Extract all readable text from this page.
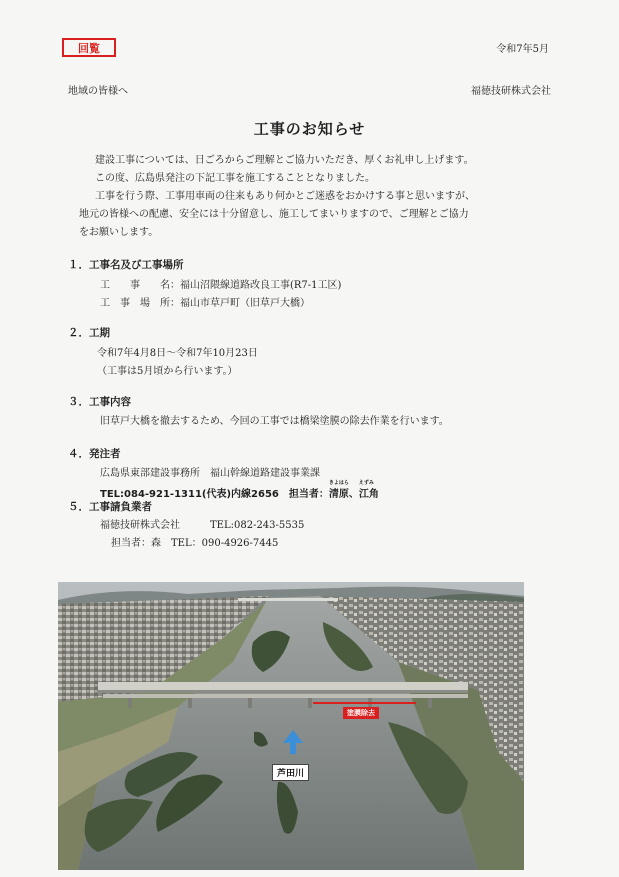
回覧	令和7年5月
地域の皆様へ	福徳技研株式会社
工事のお知らせ

建設工事については、日ごろからご理解とご協力いただき、厚くお礼申し上げます。

この度、広島県発注の下記工事を施工することとなりました。

工事を行う際、工事用車両の往来もあり何かとご迷惑をおかけする事と思いますが、

地元の皆様への配慮、安全には十分留意し、施工してまいりますので、ご理解とご協力

をお願いします。

１．工事名及び工事場所
工　　事　　名：福山沼隈線道路改良工事(R7-1工区)
工　事　場　所：福山市草戸町（旧草戸大橋）
２．工期
令和7年4月8日～令和7年10月23日
（工事は5月頃から行います。）
３．工事内容
旧草戸大橋を撤去するため、今回の工事では橋梁塗膜の除去作業を行います。
４．発注者
広島県東部建設事務所　福山幹線道路建設事業課
TEL:084-921-1311(代表)内線2656　担当者：
きよはら えずみ
清原、江角
５．工事請負業者
福徳技研株式会社　　　TEL:082-243-5535
担当者：森　TEL：090-4926-7445
塗膜除去
芦田川
